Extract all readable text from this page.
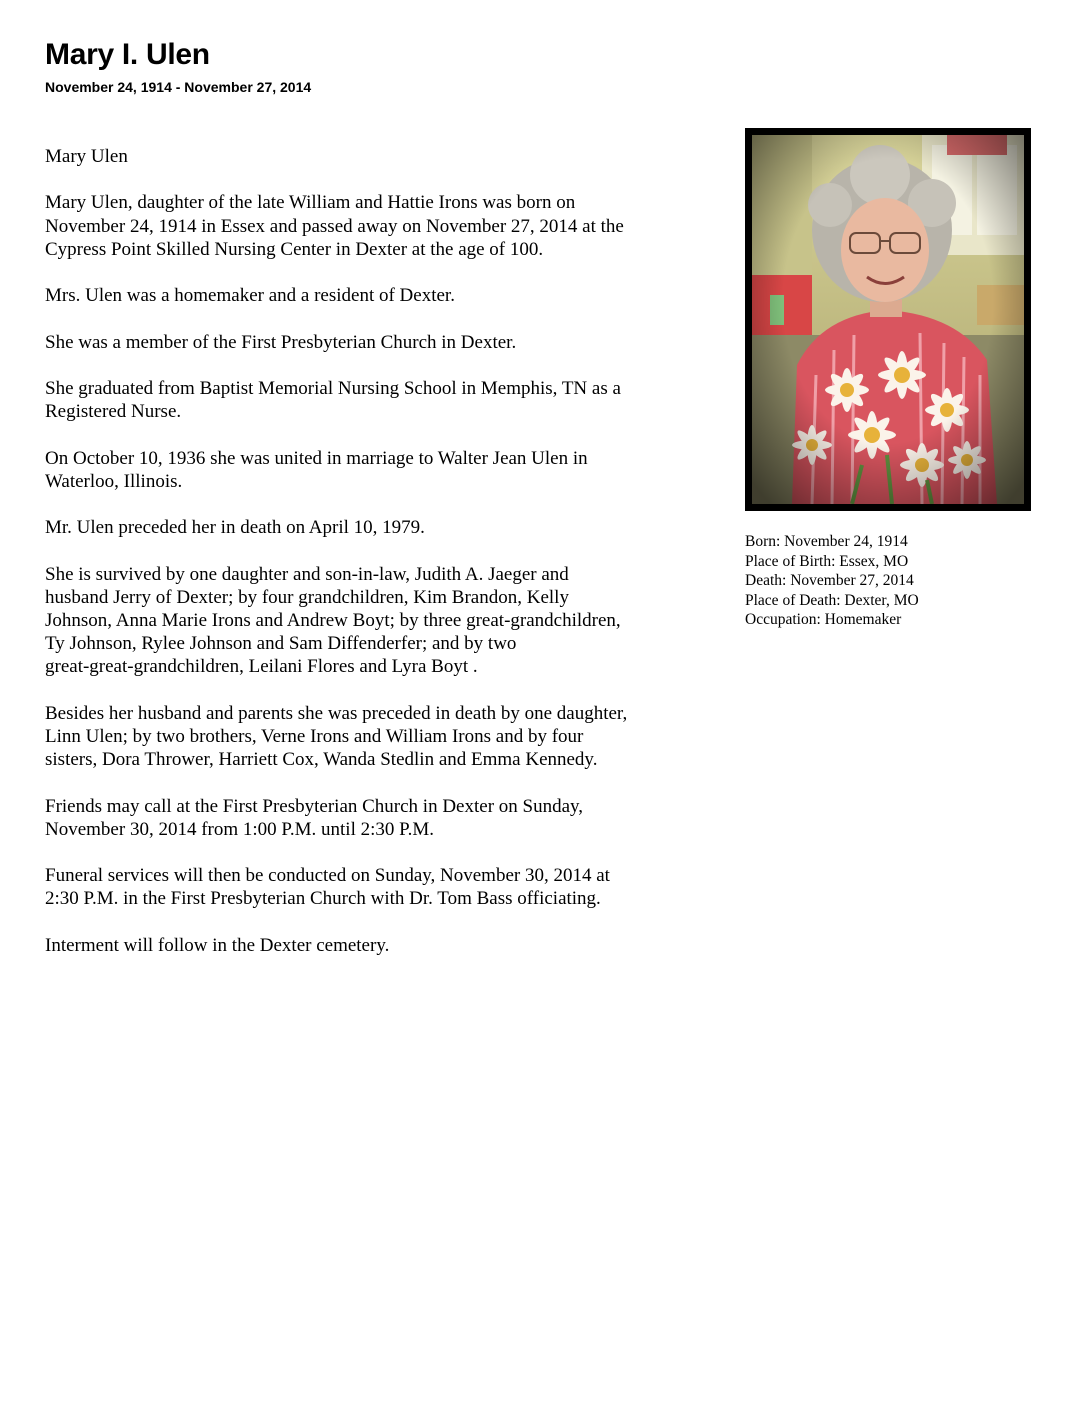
Mary I. Ulen
November 24, 1914 - November 27, 2014

Mary Ulen

Mary Ulen, daughter of the late William and Hattie Irons was born on
November 24, 1914 in Essex and passed away on November 27, 2014 at the
Cypress Point Skilled Nursing Center in Dexter at the age of 100.

Mrs. Ulen was a homemaker and a resident of Dexter.

She was a member of the First Presbyterian Church in Dexter.

She graduated from Baptist Memorial Nursing School in Memphis, TN as a
Registered Nurse.

On October 10, 1936 she was united in marriage to Walter Jean Ulen in
Waterloo, Illinois.

Mr. Ulen preceded her in death on April 10, 1979.

She is survived by one daughter and son-in-law, Judith A. Jaeger and
husband Jerry of Dexter; by four grandchildren, Kim Brandon, Kelly
Johnson, Anna Marie Irons and Andrew Boyt; by three great-grandchildren,
Ty Johnson, Rylee Johnson and Sam Diffenderfer; and by two
great-great-grandchildren, Leilani Flores and Lyra Boyt .

Besides her husband and parents she was preceded in death by one daughter,
Linn Ulen; by two brothers, Verne Irons and William Irons and by four
sisters, Dora Thrower, Harriett Cox, Wanda Stedlin and Emma Kennedy.

Friends may call at the First Presbyterian Church in Dexter on Sunday,
November 30, 2014 from 1:00 P.M. until 2:30 P.M.

Funeral services will then be conducted on Sunday, November 30, 2014 at
2:30 P.M. in the First Presbyterian Church with Dr. Tom Bass officiating.

Interment will follow in the Dexter cemetery.

Born: November 24, 1914
Place of Birth: Essex, MO
Death: November 27, 2014
Place of Death: Dexter, MO
Occupation: Homemaker
